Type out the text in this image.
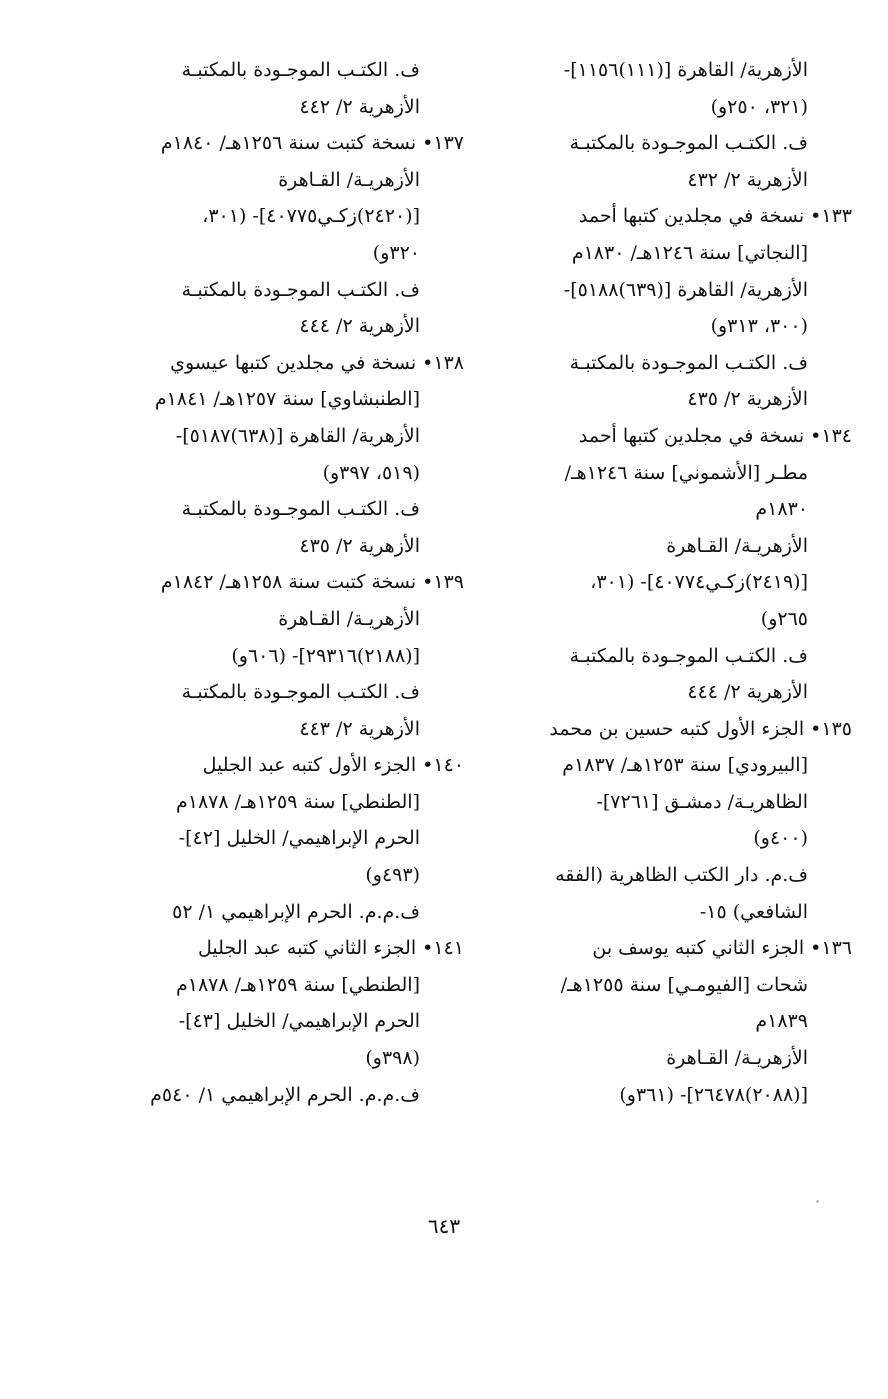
الأزهرية/ القاهرة [(١١١)١١٥٦]-
(٣٢١، ٢٥٠و)
ف. الكتـب الموجـودة بالمكتبـة
الأزهرية ٢/ ٤٣٢
١٣٣• نسخة في مجلدين كتبها أحمد
[النجاتي] سنة ١٢٤٦هـ/ ١٨٣٠م
الأزهرية/ القاهرة [(٦٣٩)٥١٨٨]-
(٣٠٠، ٣١٣و)
ف. الكتـب الموجـودة بالمكتبـة
الأزهرية ٢/ ٤٣٥
١٣٤• نسخة في مجلدين كتبها أحمد
مطـر [الأشموني] سنة ١٢٤٦هـ/
١٨٣٠م
الأزهريـة/ القـاهرة
[(٢٤١٩)زكـي٤٠٧٧٤]- (٣٠١،
٢٦٥و)
ف. الكتـب الموجـودة بالمكتبـة
الأزهرية ٢/ ٤٤٤
١٣٥• الجزء الأول كتبه حسين بن محمد
[البيرودي] سنة ١٢٥٣هـ/ ١٨٣٧م
الظاهريـة/ دمشـق [٧٢٦١]-
(٤٠٠و)
ف.م. دار الكتب الظاهرية (الفقه
الشافعي) ١٥-
١٣٦• الجزء الثاني كتبه يوسف بن
شحات [الفيومـي] سنة ١٢٥٥هـ/
١٨٣٩م
الأزهريـة/ القـاهرة
[(٢٠٨٨)٢٦٤٧٨]- (٣٦١و)
ف. الكتـب الموجـودة بالمكتبـة
الأزهرية ٢/ ٤٤٢
١٣٧• نسخة كتبت سنة ١٢٥٦هـ/ ١٨٤٠م
الأزهريـة/ القـاهرة
[(٢٤٢٠)زكـي٤٠٧٧٥]- (٣٠١،
٣٢٠و)
ف. الكتـب الموجـودة بالمكتبـة
الأزهرية ٢/ ٤٤٤
١٣٨• نسخة في مجلدين كتبها عيسوي
[الطنبشاوي] سنة ١٢٥٧هـ/ ١٨٤١م
الأزهرية/ القاهرة [(٦٣٨)٥١٨٧]-
(٥١٩، ٣٩٧و)
ف. الكتـب الموجـودة بالمكتبـة
الأزهرية ٢/ ٤٣٥
١٣٩• نسخة كتبت سنة ١٢٥٨هـ/ ١٨٤٢م
الأزهريـة/ القـاهرة
[(٢١٨٨)٢٩٣١٦]- (٦٠٦و)
ف. الكتـب الموجـودة بالمكتبـة
الأزهرية ٢/ ٤٤٣
١٤٠• الجزء الأول كتبه عبد الجليل
[الطنطي] سنة ١٢٥٩هـ/ ١٨٧٨م
الحرم الإبراهيمي/ الخليل [٤٢]-
(٤٩٣و)
ف.م.م. الحرم الإبراهيمي ١/ ٥٢
١٤١• الجزء الثاني كتبه عبد الجليل
[الطنطي] سنة ١٢٥٩هـ/ ١٨٧٨م
الحرم الإبراهيمي/ الخليل [٤٣]-
(٣٩٨و)
ف.م.م. الحرم الإبراهيمي ١/ ٥٤٠م
٦٤٣
